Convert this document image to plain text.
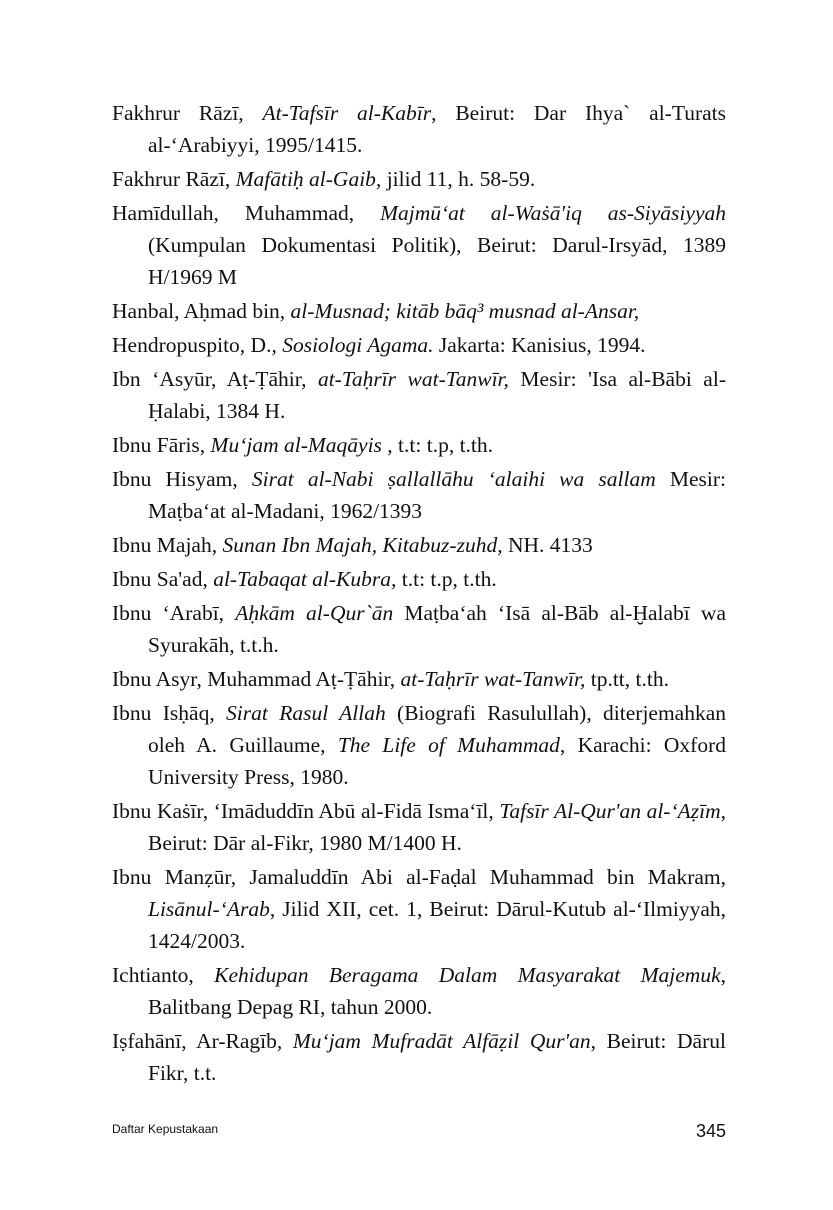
Fakhrur Rāzī, At-Tafsīr al-Kabīr, Beirut: Dar Ihya` al-Turats al-‘Arabiyyi, 1995/1415.

Fakhrur Rāzī, Mafātiḥ al-Gaib, jilid 11, h. 58-59.

Hamīdullah, Muhammad, Majmū‘at al-Waṡā'iq as-Siyāsiyyah (Kumpulan Dokumentasi Politik), Beirut: Darul-Irsyād, 1389 H/1969 M

Hanbal, Aḥmad bin, al-Musnad; kitāb bāq³ musnad al-Ansar,

Hendropuspito, D., Sosiologi Agama. Jakarta: Kanisius, 1994.

Ibn ‘Asyūr, Aṭ-Ṭāhir, at-Taḥrīr wat-Tanwīr, Mesir: 'Isa al-Bābi al-Ḥalabi, 1384 H.

Ibnu Fāris, Mu‘jam al-Maqāyis , t.t: t.p, t.th.

Ibnu Hisyam, Sirat al-Nabi ṣallallāhu ‘alaihi wa sallam Mesir: Maṭba‘at al-Madani, 1962/1393

Ibnu Majah, Sunan Ibn Majah, Kitabuz-zuhd, NH. 4133

Ibnu Sa'ad, al-Tabaqat al-Kubra, t.t: t.p, t.th.

Ibnu ‘Arabī, Aḥkām al-Qur`ān Maṭba‘ah ‘Isā al-Bāb al-Ḫalabī wa Syurakāh, t.t.h.

Ibnu Asyr, Muhammad Aṭ-Ṭāhir, at-Taḥrīr wat-Tanwīr, tp.tt, t.th.

Ibnu Isḥāq, Sirat Rasul Allah (Biografi Rasulullah), diterjemahkan oleh A. Guillaume, The Life of Muhammad, Karachi: Oxford University Press, 1980.

Ibnu Kaṡīr, ‘Imāduddīn Abū al-Fidā Isma‘īl, Tafsīr Al-Qur'an al-‘Aẓīm, Beirut: Dār al-Fikr, 1980 M/1400 H.

Ibnu Manẓūr, Jamaluddīn Abi al-Faḍal Muhammad bin Makram, Lisānul-‘Arab, Jilid XII, cet. 1, Beirut: Dārul-Kutub al-‘Ilmiyyah, 1424/2003.

Ichtianto, Kehidupan Beragama Dalam Masyarakat Majemuk, Balitbang Depag RI, tahun 2000.

Iṣfahānī, Ar-Ragīb, Mu‘jam Mufradāt Alfāẓil Qur'an, Beirut: Dārul Fikr, t.t.

Daftar Kepustakaan	345
